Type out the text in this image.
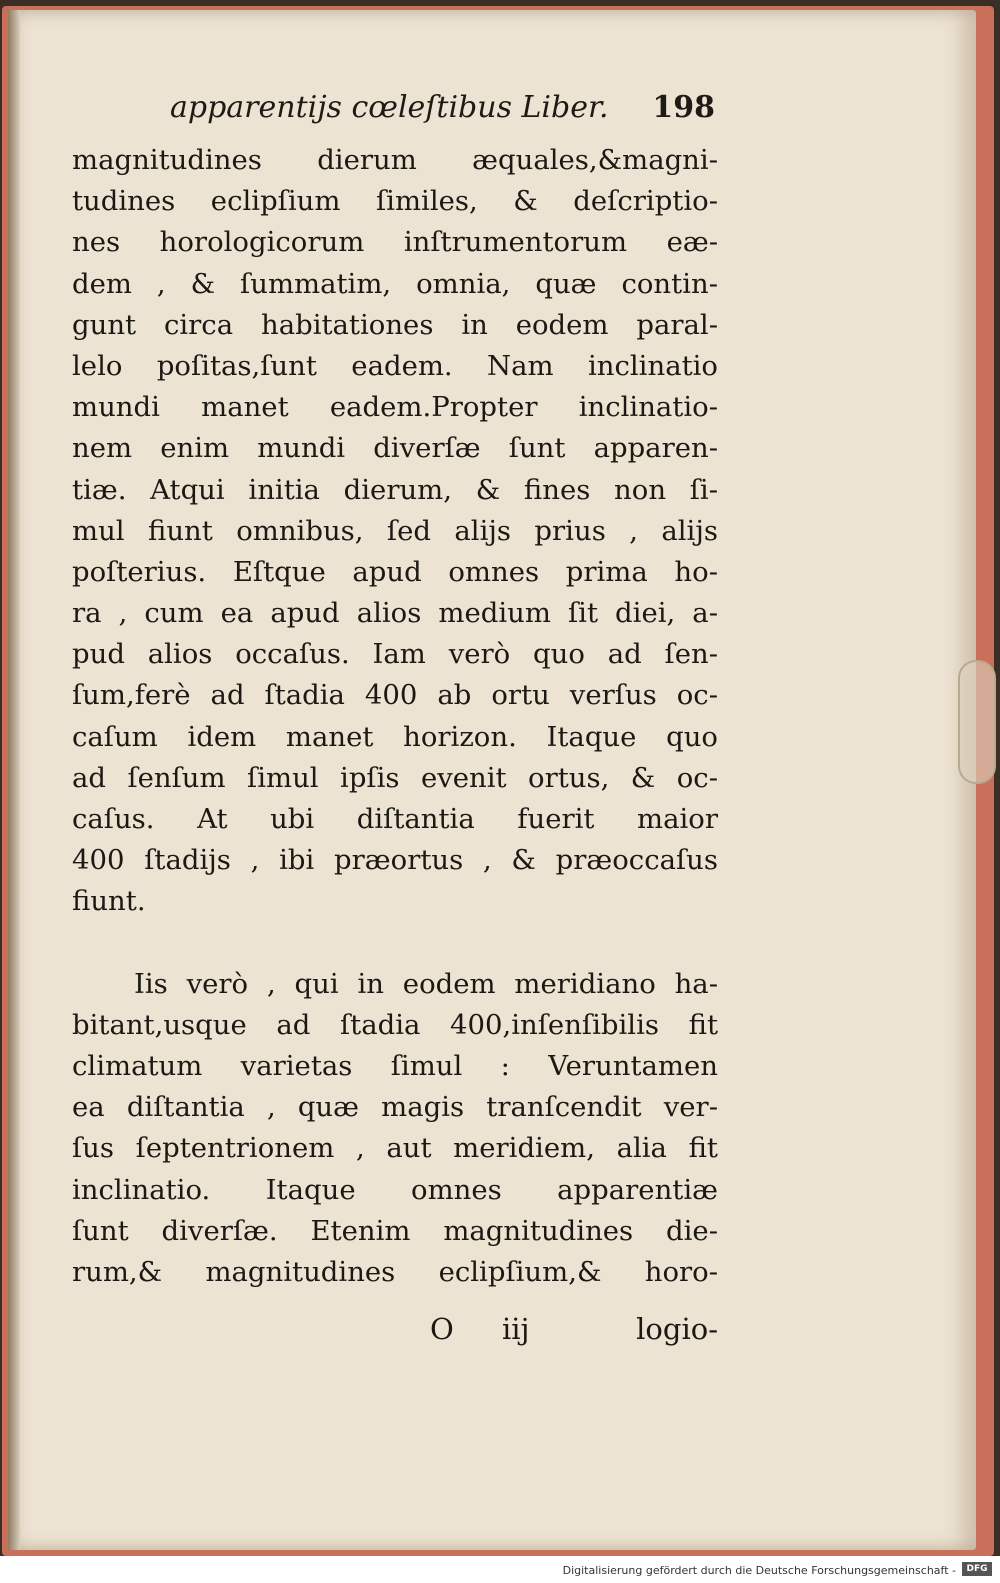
apparentijs cœleſtibus Liber. 198
magnitudines dierum æquales,&magni-
tudines eclipſium ſimiles, & deſcriptio-
nes horologicorum inſtrumentorum eæ-
dem , & ſummatim, omnia, quæ contin-
gunt circa habitationes in eodem paral-
lelo poſitas,ſunt eadem. Nam inclinatio
mundi manet eadem.Propter inclinatio-
nem enim mundi diverſæ ſunt apparen-
tiæ. Atqui initia dierum, & fines non ſi-
mul fiunt omnibus, ſed alijs prius , alijs
poſterius. Eſtque apud omnes prima ho-
ra , cum ea apud alios medium ſit diei, a-
pud alios occaſus. Iam verò quo ad ſen-
ſum,ferè ad ſtadia 400 ab ortu verſus oc-
caſum idem manet horizon. Itaque quo
ad ſenſum ſimul ipſis evenit ortus, & oc-
caſus. At ubi diſtantia fuerit maior
400 ſtadijs , ibi præortus , & præoccaſus
fiunt.
Iis verò , qui in eodem meridiano ha-
bitant,usque ad ſtadia 400,inſenſibilis fit
climatum varietas ſimul : Veruntamen
ea diſtantia , quæ magis tranſcendit ver-
ſus ſeptentrionem , aut meridiem, alia fit
inclinatio. Itaque omnes apparentiæ
ſunt diverſæ. Etenim magnitudines die-
rum,& magnitudines eclipſium,& horo-
O iij	logio-
Digitalisierung gefördert durch die Deutsche Forschungsgemeinschaft -	DFG
